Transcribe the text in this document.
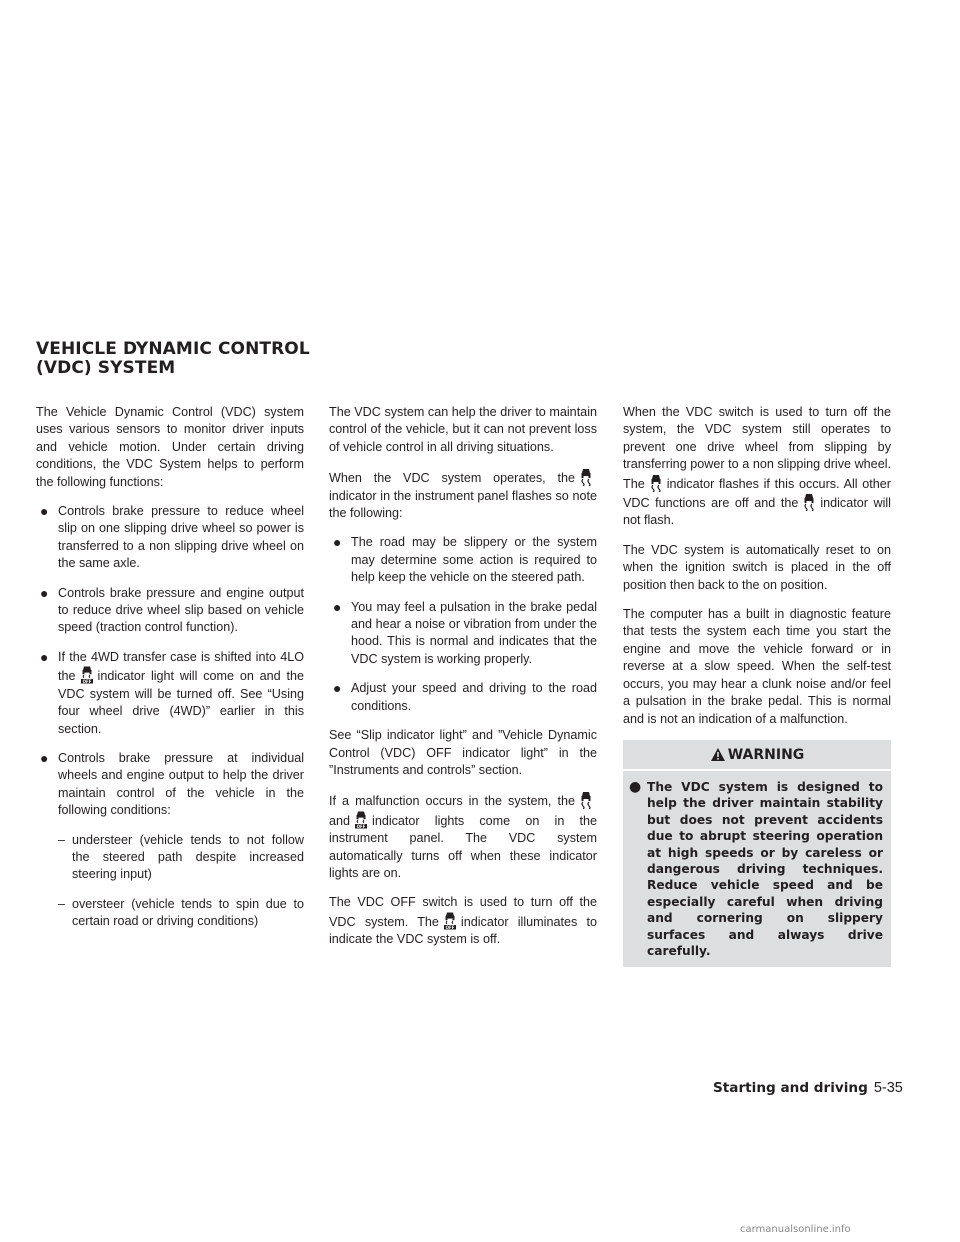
VEHICLE DYNAMIC CONTROL (VDC) SYSTEM

The Vehicle Dynamic Control (VDC) system uses various sensors to monitor driver inputs and vehicle motion. Under certain driving conditions, the VDC System helps to perform the following functions:

● Controls brake pressure to reduce wheel slip on one slipping drive wheel so power is transferred to a non slipping drive wheel on the same axle.
● Controls brake pressure and engine output to reduce drive wheel slip based on vehicle speed (traction control function).
● If the 4WD transfer case is shifted into 4LO the indicator light will come on and the VDC system will be turned off. See “Using four wheel drive (4WD)” earlier in this section.
● Controls brake pressure at individual wheels and engine output to help the driver maintain control of the vehicle in the following conditions:
– understeer (vehicle tends to not follow the steered path despite increased steering input)
– oversteer (vehicle tends to spin due to certain road or driving conditions)

The VDC system can help the driver to maintain control of the vehicle, but it can not prevent loss of vehicle control in all driving situations.

When the VDC system operates, the
indicator in the instrument panel flashes so note the following:

● The road may be slippery or the system may determine some action is required to help keep the vehicle on the steered path.
● You may feel a pulsation in the brake pedal and hear a noise or vibration from under the hood. This is normal and indicates that the VDC system is working properly.
● Adjust your speed and driving to the road conditions.

See “Slip indicator light” and ”Vehicle Dynamic Control (VDC) OFF indicator light” in the ”Instruments and controls” section.

If a malfunction occurs in the system, the
and indicator lights come on in the instrument panel. The VDC system automatically turns off when these indicator lights are on.

The VDC OFF switch is used to turn off the VDC system. The indicator illuminates to indicate the VDC system is off.

When the VDC switch is used to turn off the system, the VDC system still operates to prevent one drive wheel from slipping by transferring power to a non slipping drive wheel. The indicator flashes if this occurs. All other VDC functions are off and the indicator will not flash.

The VDC system is automatically reset to on when the ignition switch is placed in the off position then back to the on position.

The computer has a built in diagnostic feature that tests the system each time you start the engine and move the vehicle forward or in reverse at a slow speed. When the self-test occurs, you may hear a clunk noise and/or feel a pulsation in the brake pedal. This is normal and is not an indication of a malfunction.

WARNING
● The VDC system is designed to help the driver maintain stability but does not prevent accidents due to abrupt steering operation at high speeds or by careless or dangerous driving techniques. Reduce vehicle speed and be especially careful when driving and cornering on slippery surfaces and always drive carefully.
Starting and driving 5-35
carmanualsonline.info
